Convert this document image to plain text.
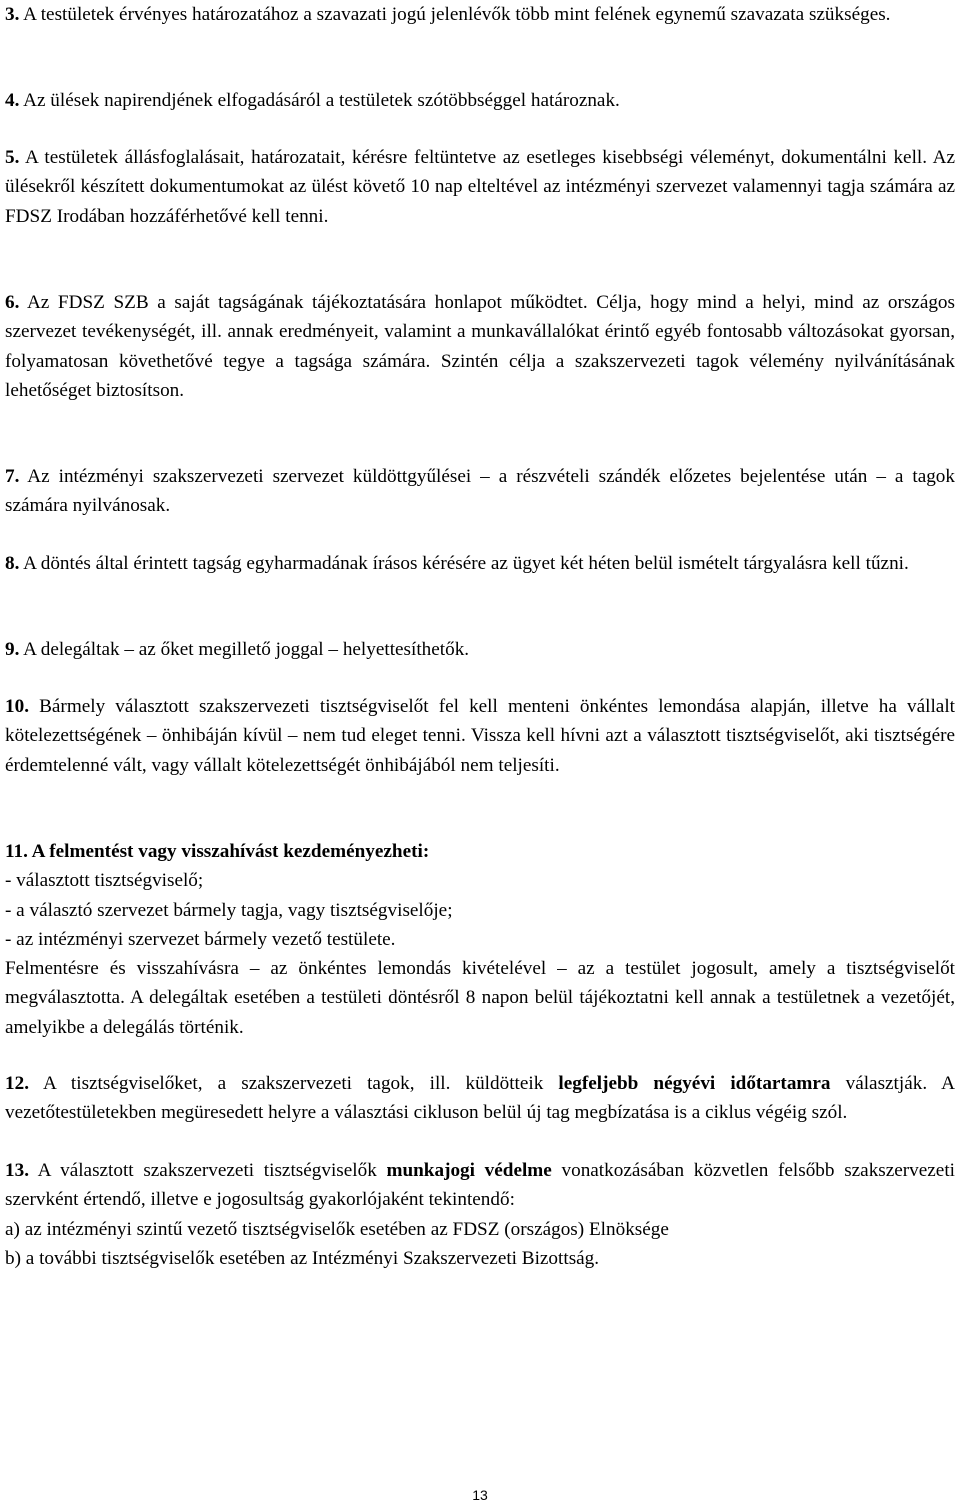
3. A testületek érvényes határozatához a szavazati jogú jelenlévők több mint felének egynemű szavazata szükséges.

4. Az ülések napirendjének elfogadásáról a testületek szótöbbséggel határoznak.

5. A testületek állásfoglalásait, határozatait, kérésre feltüntetve az esetleges kisebbségi véleményt, dokumentálni kell. Az ülésekről készített dokumentumokat az ülést követő 10 nap elteltével az intézményi szervezet valamennyi tagja számára az FDSZ Irodában hozzáférhetővé kell tenni.

6. Az FDSZ SZB a saját tagságának tájékoztatására honlapot működtet. Célja, hogy mind a helyi, mind az országos szervezet tevékenységét, ill. annak eredményeit, valamint a munkavállalókat érintő egyéb fontosabb változásokat gyorsan, folyamatosan követhetővé tegye a tagsága számára. Szintén célja a szakszervezeti tagok vélemény nyilvánításának lehetőséget biztosítson.

7. Az intézményi szakszervezeti szervezet küldöttgyűlései – a részvételi szándék előzetes bejelentése után – a tagok számára nyilvánosak.

8. A döntés által érintett tagság egyharmadának írásos kérésére az ügyet két héten belül ismételt tárgyalásra kell tűzni.

9. A delegáltak – az őket megillető joggal – helyettesíthetők.

10. Bármely választott szakszervezeti tisztségviselőt fel kell menteni önkéntes lemondása alapján, illetve ha vállalt kötelezettségének – önhibáján kívül – nem tud eleget tenni. Vissza kell hívni azt a választott tisztségviselőt, aki tisztségére érdemtelenné vált, vagy vállalt kötelezettségét önhibájából nem teljesíti.

11. A felmentést vagy visszahívást kezdeményezheti:

- választott tisztségviselő;

- a választó szervezet bármely tagja, vagy tisztségviselője;

- az intézményi szervezet bármely vezető testülete.

Felmentésre és visszahívásra – az önkéntes lemondás kivételével – az a testület jogosult, amely a tisztségviselőt megválasztotta. A delegáltak esetében a testületi döntésről 8 napon belül tájékoztatni kell annak a testületnek a vezetőjét, amelyikbe a delegálás történik.

12. A tisztségviselőket, a szakszervezeti tagok, ill. küldötteik legfeljebb négyévi időtartamra választják. A vezetőtestületekben megüresedett helyre a választási cikluson belül új tag megbízatása is a ciklus végéig szól.

13. A választott szakszervezeti tisztségviselők munkajogi védelme vonatkozásában közvetlen felsőbb szakszervezeti szervként értendő, illetve e jogosultság gyakorlójaként tekintendő:

a) az intézményi szintű vezető tisztségviselők esetében az FDSZ (országos) Elnöksége

b) a további tisztségviselők esetében az Intézményi Szakszervezeti Bizottság.

13
